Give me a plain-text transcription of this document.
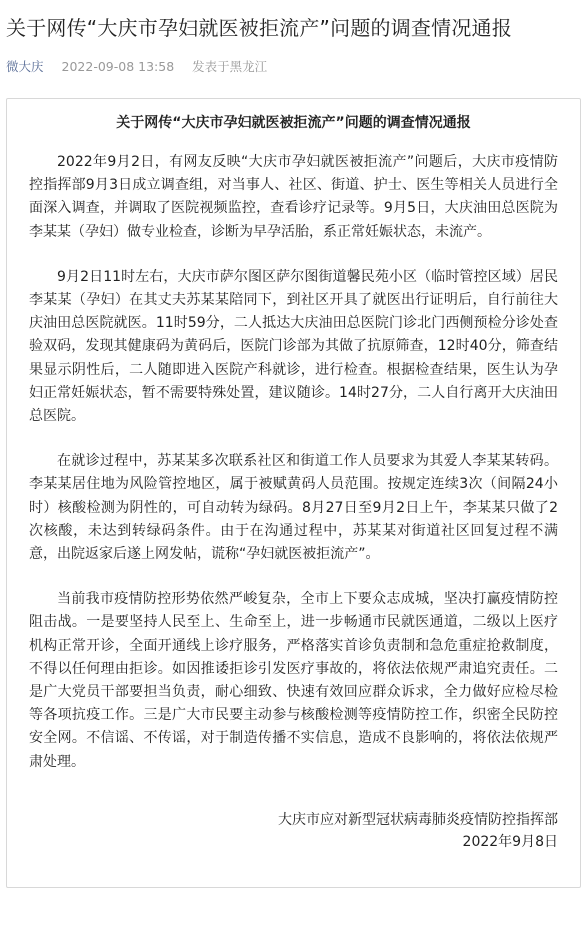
关于网传“大庆市孕妇就医被拒流产”问题的调查情况通报
微大庆 2022-09-08 13:58 发表于黑龙江
关于网传“大庆市孕妇就医被拒流产”问题的调查情况通报

2022年9月2日，有网友反映“大庆市孕妇就医被拒流产”问题后，大庆市疫情防控指挥部9月3日成立调查组，对当事人、社区、街道、护士、医生等相关人员进行全面深入调查，并调取了医院视频监控，查看诊疗记录等。9月5日，大庆油田总医院为李某某（孕妇）做专业检查，诊断为早孕活胎，系正常妊娠状态，未流产。

9月2日11时左右，大庆市萨尔图区萨尔图街道馨民苑小区（临时管控区域）居民李某某（孕妇）在其丈夫苏某某陪同下，到社区开具了就医出行证明后，自行前往大庆油田总医院就医。11时59分，二人抵达大庆油田总医院门诊北门西侧预检分诊处查验双码，发现其健康码为黄码后，医院门诊部为其做了抗原筛查，12时40分，筛查结果显示阴性后，二人随即进入医院产科就诊，进行检查。根据检查结果，医生认为孕妇正常妊娠状态，暂不需要特殊处置，建议随诊。14时27分，二人自行离开大庆油田总医院。

在就诊过程中，苏某某多次联系社区和街道工作人员要求为其爱人李某某转码。李某某居住地为风险管控地区，属于被赋黄码人员范围。按规定连续3次（间隔24小时）核酸检测为阴性的，可自动转为绿码。8月27日至9月2日上午，李某某只做了2次核酸，未达到转绿码条件。由于在沟通过程中，苏某某对街道社区回复过程不满意，出院返家后遂上网发帖，谎称“孕妇就医被拒流产”。

当前我市疫情防控形势依然严峻复杂，全市上下要众志成城，坚决打赢疫情防控阻击战。一是要坚持人民至上、生命至上，进一步畅通市民就医通道，二级以上医疗机构正常开诊，全面开通线上诊疗服务，严格落实首诊负责制和急危重症抢救制度，不得以任何理由拒诊。如因推诿拒诊引发医疗事故的，将依法依规严肃追究责任。二是广大党员干部要担当负责，耐心细致、快速有效回应群众诉求，全力做好应检尽检等各项抗疫工作。三是广大市民要主动参与核酸检测等疫情防控工作，织密全民防控安全网。不信谣、不传谣，对于制造传播不实信息，造成不良影响的，将依法依规严肃处理。

大庆市应对新型冠状病毒肺炎疫情防控指挥部
2022年9月8日
